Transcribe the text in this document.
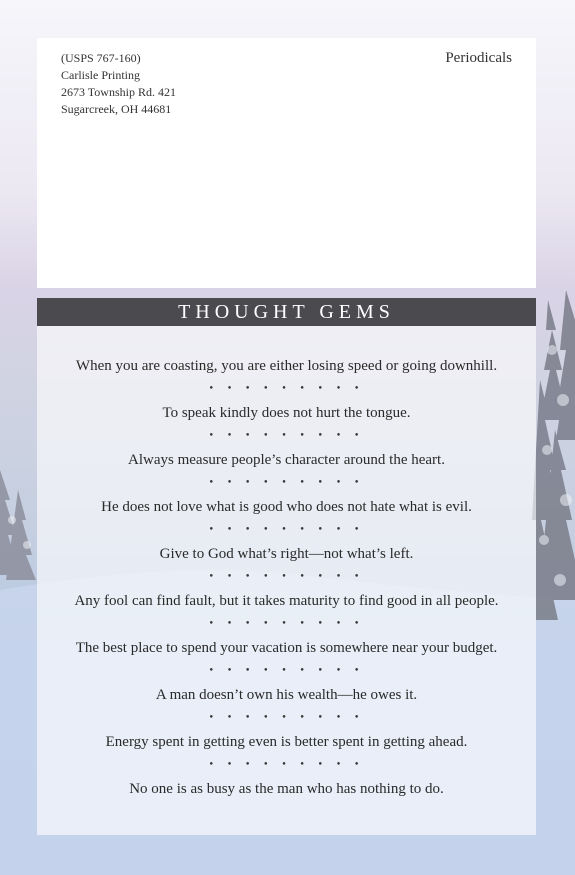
(USPS 767-160)
Carlisle Printing
2673 Township Rd. 421
Sugarcreek, OH 44681
Periodicals
THOUGHT GEMS
When you are coasting, you are either losing speed or going downhill.
• • • • • • • • •
To speak kindly does not hurt the tongue.
• • • • • • • • •
Always measure people’s character around the heart.
• • • • • • • • •
He does not love what is good who does not hate what is evil.
• • • • • • • • •
Give to God what’s right—not what’s left.
• • • • • • • • •
Any fool can find fault, but it takes maturity to find good in all people.
• • • • • • • • •
The best place to spend your vacation is somewhere near your budget.
• • • • • • • • •
A man doesn’t own his wealth—he owes it.
• • • • • • • • •
Energy spent in getting even is better spent in getting ahead.
• • • • • • • • •
No one is as busy as the man who has nothing to do.
